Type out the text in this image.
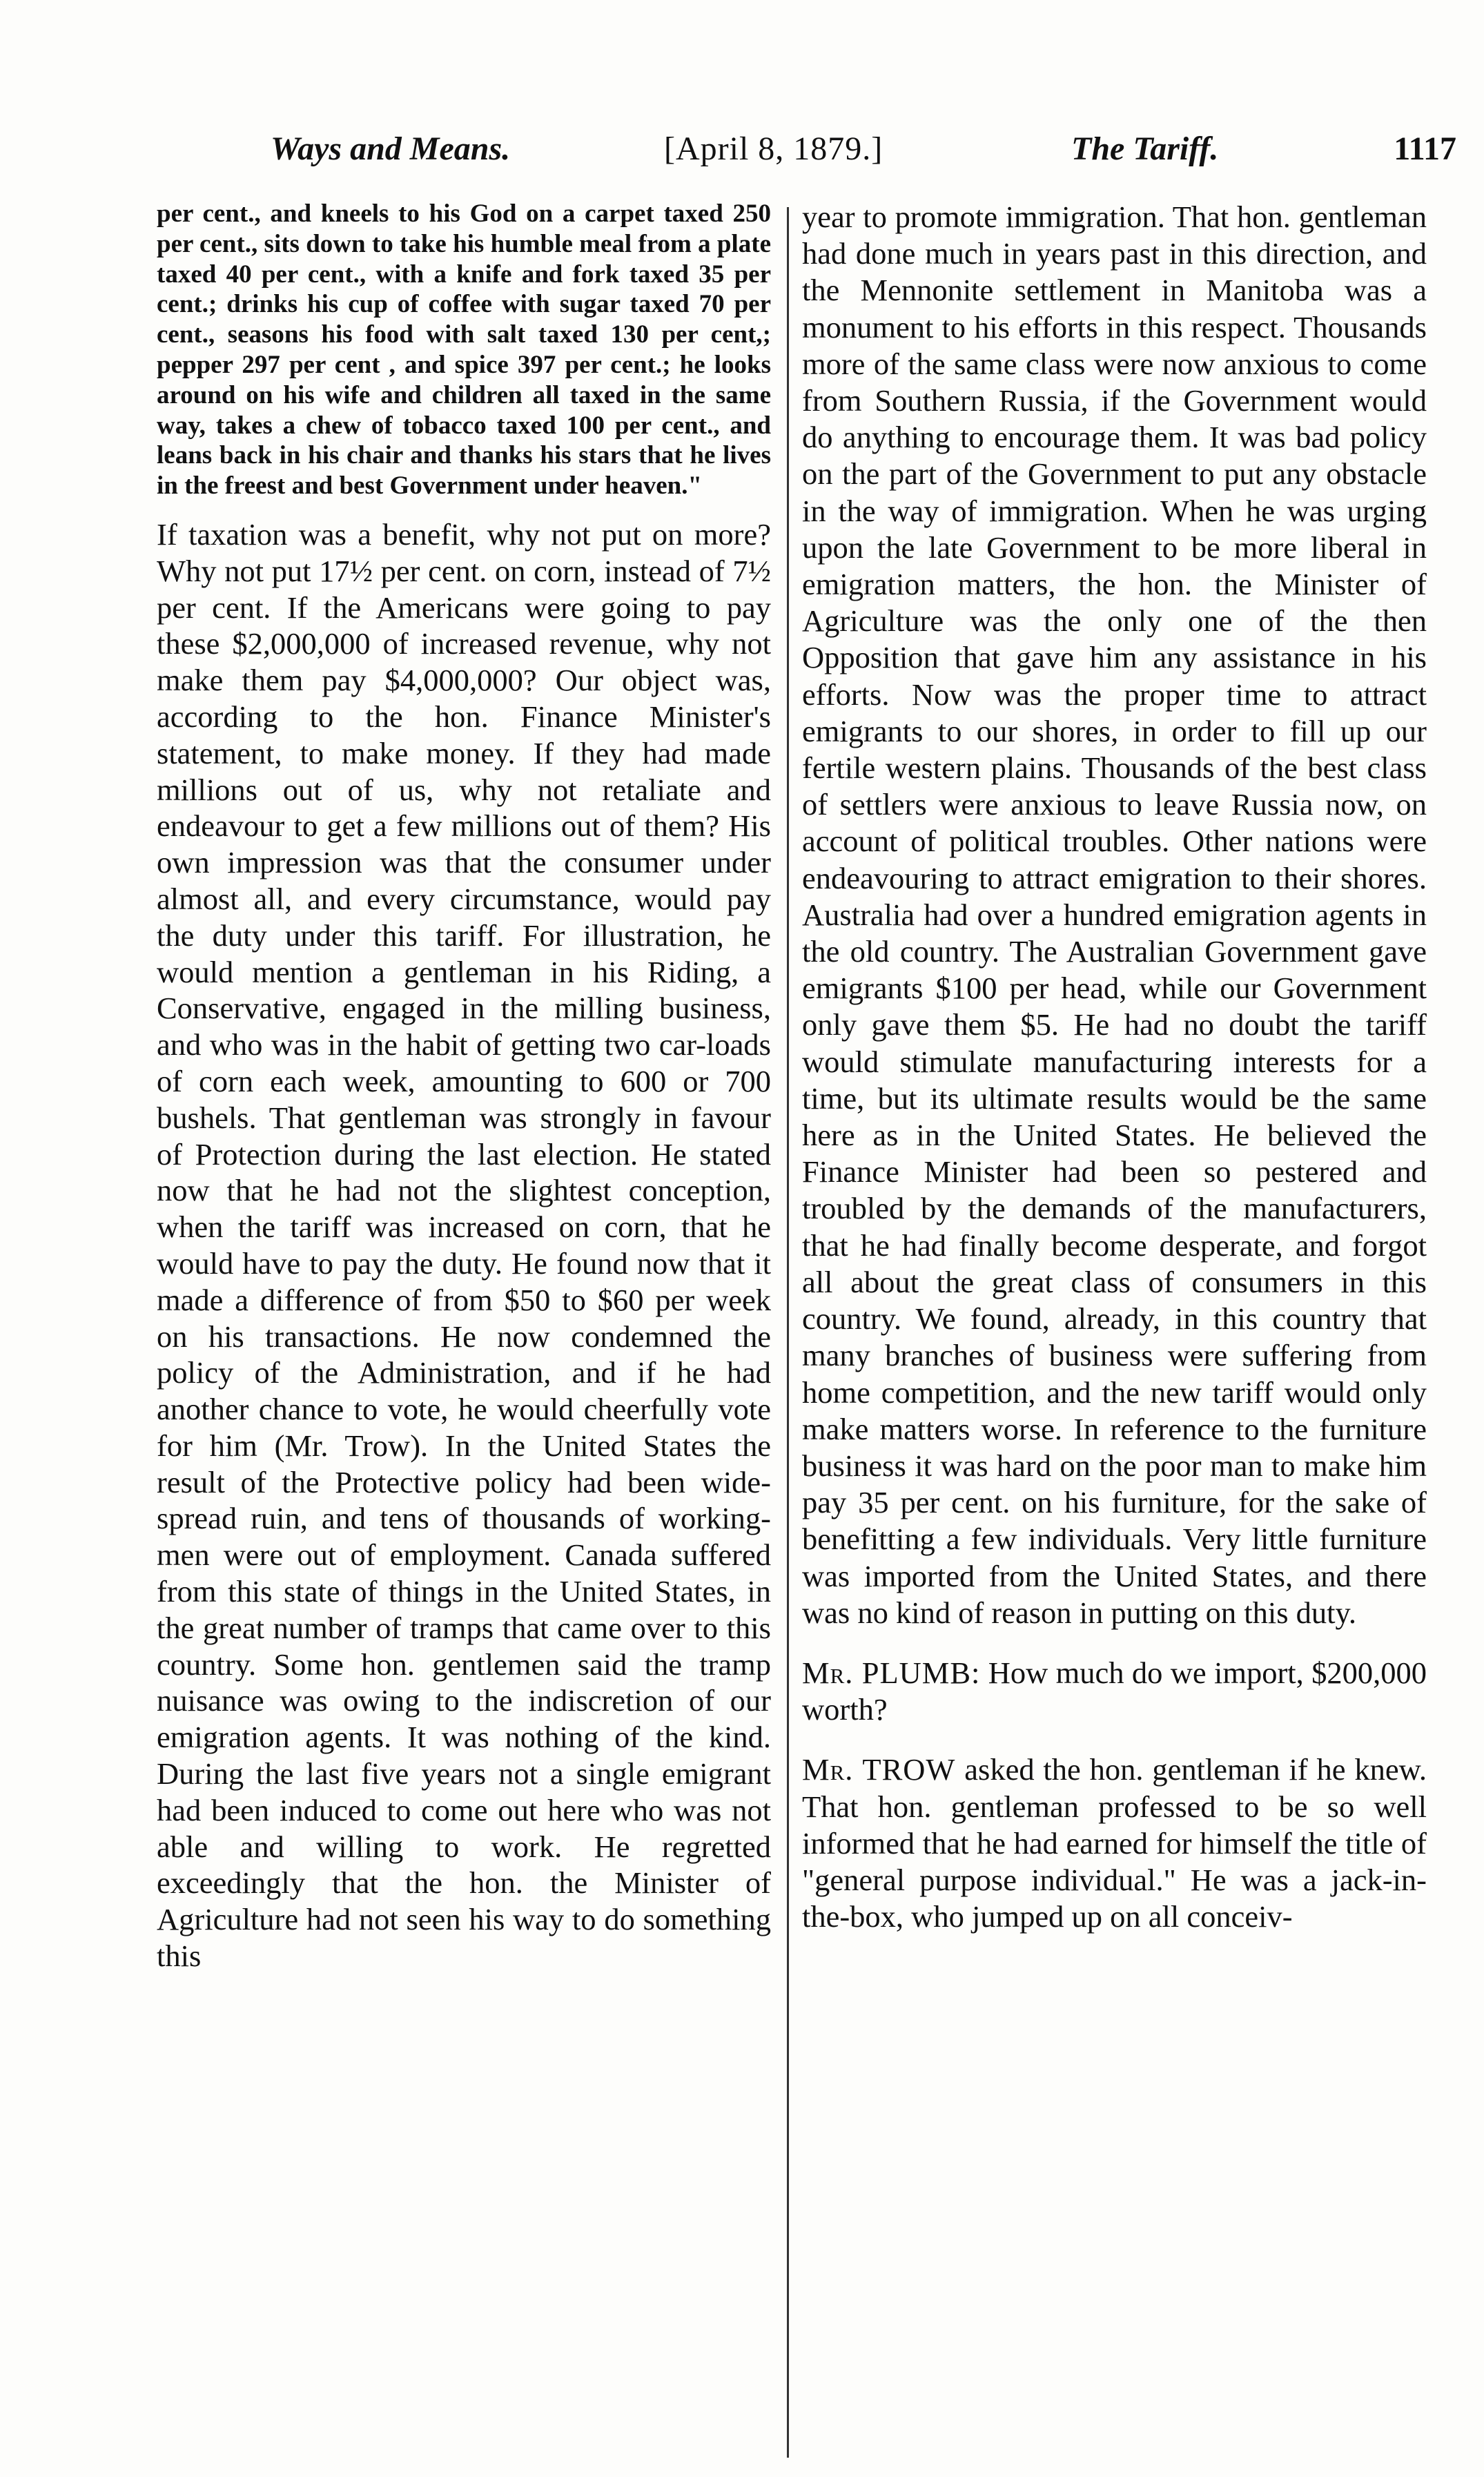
Ways and Means.	[April 8, 1879.]	The Tariff.	1117

per cent., and kneels to his God on a carpet taxed 250 per cent., sits down to take his humble meal from a plate taxed 40 per cent., with a knife and fork taxed 35 per cent.; drinks his cup of coffee with sugar taxed 70 per cent., seasons his food with salt taxed 130 per cent,; pepper 297 per cent , and spice 397 per cent.; he looks around on his wife and children all taxed in the same way, takes a chew of tobacco taxed 100 per cent., and leans back in his chair and thanks his stars that he lives in the freest and best Government under heaven."

If taxation was a benefit, why not put on more? Why not put 17½ per cent. on corn, instead of 7½ per cent. If the Americans were going to pay these $2,000,000 of increased revenue, why not make them pay $4,000,000? Our object was, according to the hon. Finance Minister's statement, to make money. If they had made millions out of us, why not retaliate and endeavour to get a few millions out of them? His own impression was that the consumer under almost all, and every circumstance, would pay the duty under this tariff. For illustration, he would mention a gentleman in his Riding, a Conservative, engaged in the milling business, and who was in the habit of getting two car-loads of corn each week, amounting to 600 or 700 bushels. That gentleman was strongly in favour of Protection during the last election. He stated now that he had not the slightest conception, when the tariff was increased on corn, that he would have to pay the duty. He found now that it made a difference of from $50 to $60 per week on his transactions. He now condemned the policy of the Administration, and if he had another chance to vote, he would cheerfully vote for him (Mr. Trow). In the United States the result of the Protective policy had been wide-spread ruin, and tens of thousands of working-men were out of employment. Canada suffered from this state of things in the United States, in the great number of tramps that came over to this country. Some hon. gentlemen said the tramp nuisance was owing to the indiscretion of our emigration agents. It was nothing of the kind. During the last five years not a single emigrant had been induced to come out here who was not able and willing to work. He regretted exceedingly that the hon. the Minister of Agriculture had not seen his way to do something this

year to promote immigration. That hon. gentleman had done much in years past in this direction, and the Mennonite settlement in Manitoba was a monument to his efforts in this respect. Thousands more of the same class were now anxious to come from Southern Russia, if the Government would do anything to encourage them. It was bad policy on the part of the Government to put any obstacle in the way of immigration. When he was urging upon the late Government to be more liberal in emigration matters, the hon. the Minister of Agriculture was the only one of the then Opposition that gave him any assistance in his efforts. Now was the proper time to attract emigrants to our shores, in order to fill up our fertile western plains. Thousands of the best class of settlers were anxious to leave Russia now, on account of political troubles. Other nations were endeavouring to attract emigration to their shores. Australia had over a hundred emigration agents in the old country. The Australian Government gave emigrants $100 per head, while our Government only gave them $5. He had no doubt the tariff would stimulate manufacturing interests for a time, but its ultimate results would be the same here as in the United States. He believed the Finance Minister had been so pestered and troubled by the demands of the manufacturers, that he had finally become desperate, and forgot all about the great class of consumers in this country. We found, already, in this country that many branches of business were suffering from home competition, and the new tariff would only make matters worse. In reference to the furniture business it was hard on the poor man to make him pay 35 per cent. on his furniture, for the sake of benefitting a few individuals. Very little furniture was imported from the United States, and there was no kind of reason in putting on this duty.

Mr. PLUMB: How much do we import, $200,000 worth?

Mr. TROW asked the hon. gentleman if he knew. That hon. gentleman professed to be so well informed that he had earned for himself the title of "general purpose individual." He was a jack-in-the-box, who jumped up on all conceiv-
